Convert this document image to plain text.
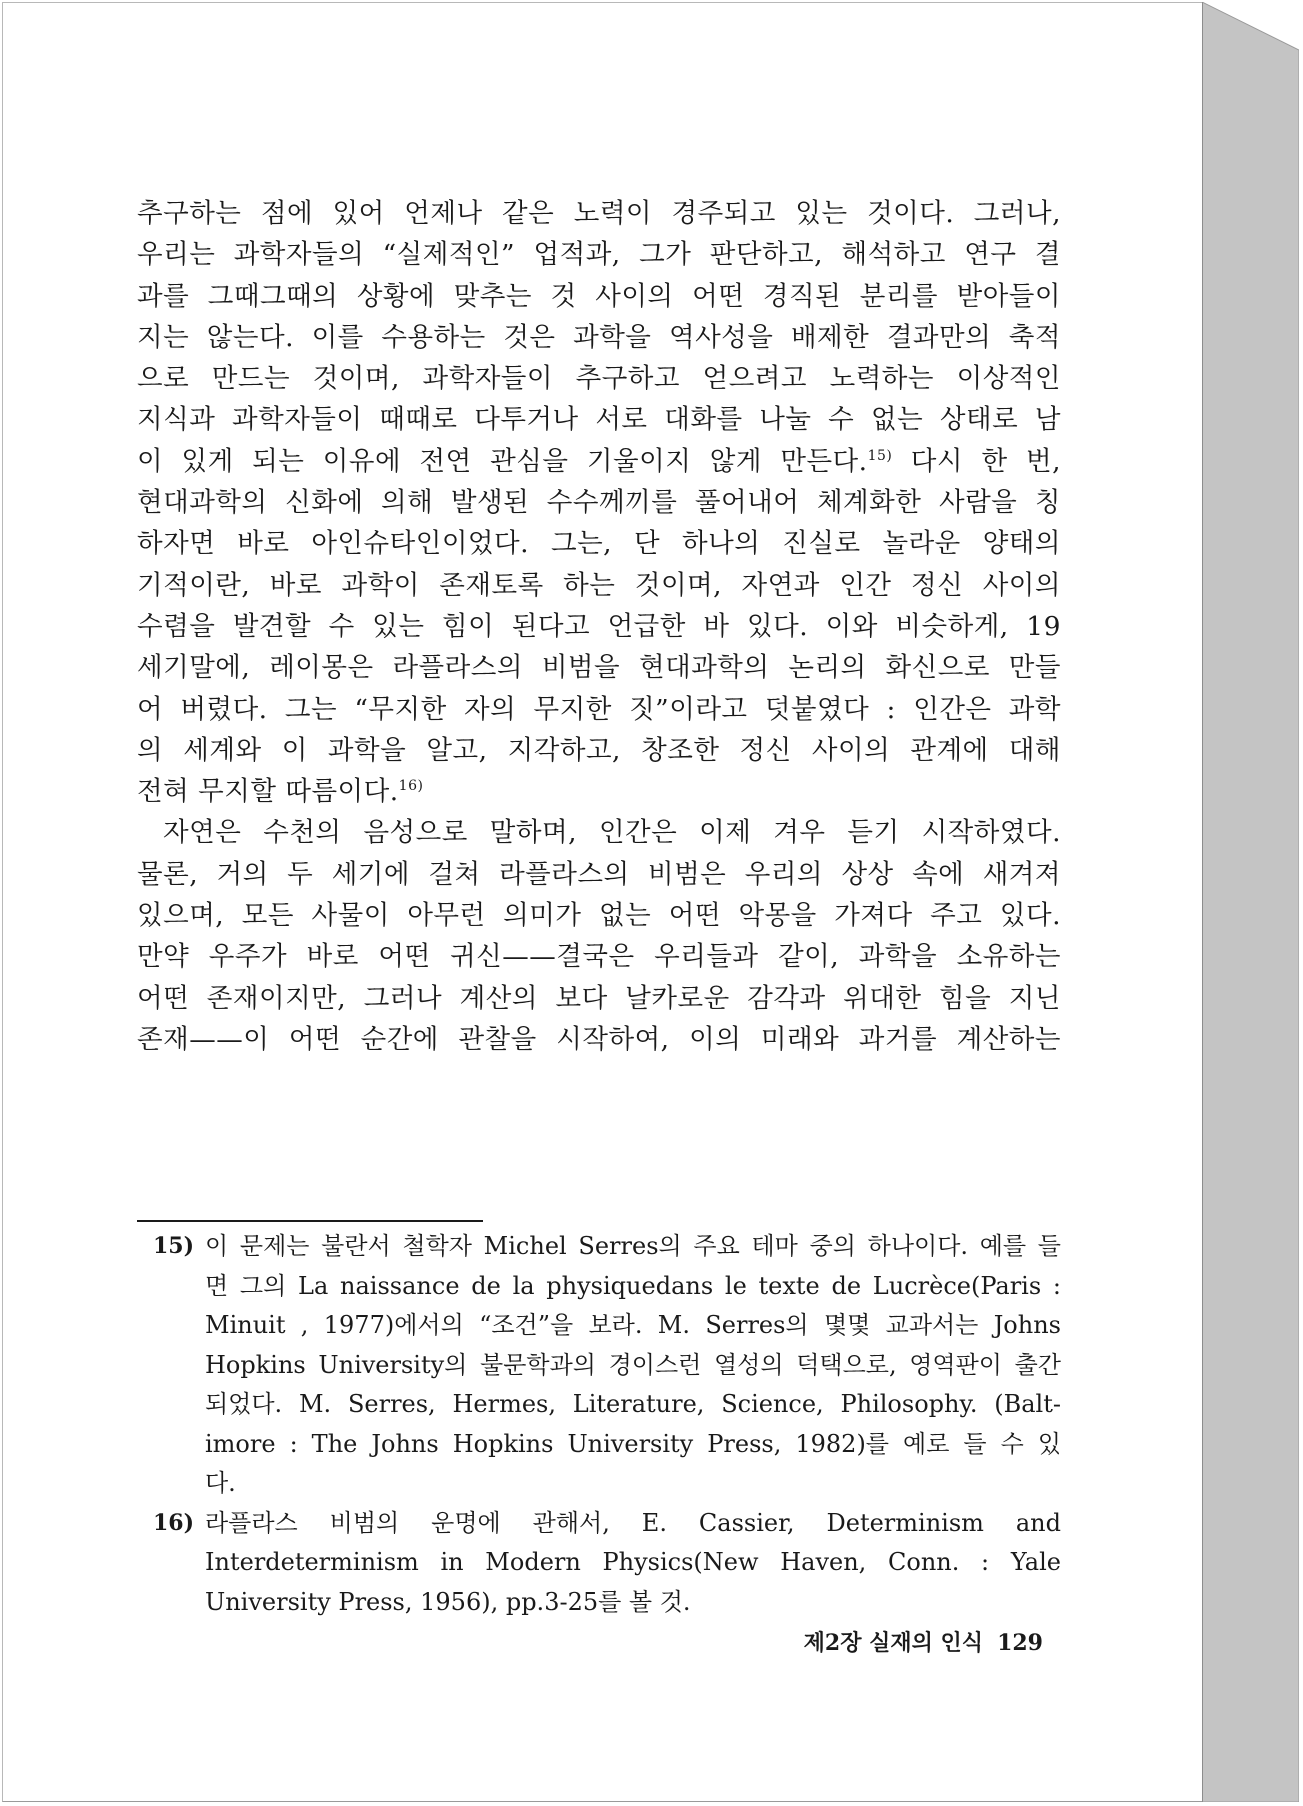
추구하는 점에 있어 언제나 같은 노력이 경주되고 있는 것이다. 그러나,
우리는 과학자들의 “실제적인” 업적과, 그가 판단하고, 해석하고 연구 결
과를 그때그때의 상황에 맞추는 것 사이의 어떤 경직된 분리를 받아들이
지는 않는다. 이를 수용하는 것은 과학을 역사성을 배제한 결과만의 축적
으로 만드는 것이며, 과학자들이 추구하고 얻으려고 노력하는 이상적인
지식과 과학자들이 때때로 다투거나 서로 대화를 나눌 수 없는 상태로 남
이 있게 되는 이유에 전연 관심을 기울이지 않게 만든다.$^{15)}$ 다시 한 번,
현대과학의 신화에 의해 발생된 수수께끼를 풀어내어 체계화한 사람을 칭
하자면 바로 아인슈타인이었다. 그는, 단 하나의 진실로 놀라운 양태의
기적이란, 바로 과학이 존재토록 하는 것이며, 자연과 인간 정신 사이의
수렴을 발견할 수 있는 힘이 된다고 언급한 바 있다. 이와 비슷하게, 19
세기말에, 레이몽은 라플라스의 비범을 현대과학의 논리의 화신으로 만들
어 버렸다. 그는 “무지한 자의 무지한 짓”이라고 덧붙였다 : 인간은 과학
의 세계와 이 과학을 알고, 지각하고, 창조한 정신 사이의 관계에 대해
전혀 무지할 따름이다.$^{16)}$
자연은 수천의 음성으로 말하며, 인간은 이제 겨우 듣기 시작하였다.
물론, 거의 두 세기에 걸쳐 라플라스의 비범은 우리의 상상 속에 새겨져
있으며, 모든 사물이 아무런 의미가 없는 어떤 악몽을 가져다 주고 있다.
만약 우주가 바로 어떤 귀신——결국은 우리들과 같이, 과학을 소유하는
어떤 존재이지만, 그러나 계산의 보다 날카로운 감각과 위대한 힘을 지닌
존재——이 어떤 순간에 관찰을 시작하여, 이의 미래와 과거를 계산하는
15) 이 문제는 불란서 철학자 Michel Serres의 주요 테마 중의 하나이다. 예를 들
면 그의 La naissance de la physiquedans le texte de Lucrèce(Paris :
Minuit , 1977)에서의 “조건”을 보라. M. Serres의 몇몇 교과서는 Johns
Hopkins University의 불문학과의 경이스런 열성의 덕택으로, 영역판이 출간
되었다. M. Serres, Hermes, Literature, Science, Philosophy. (Balt-
imore : The Johns Hopkins University Press, 1982)를 예로 들 수 있
다.
16) 라플라스 비범의 운명에 관해서, E. Cassier, Determinism and
Interdeterminism in Modern Physics(New Haven, Conn. : Yale
University Press, 1956), pp.3-25를 볼 것.
제2장 실재의 인식 129
